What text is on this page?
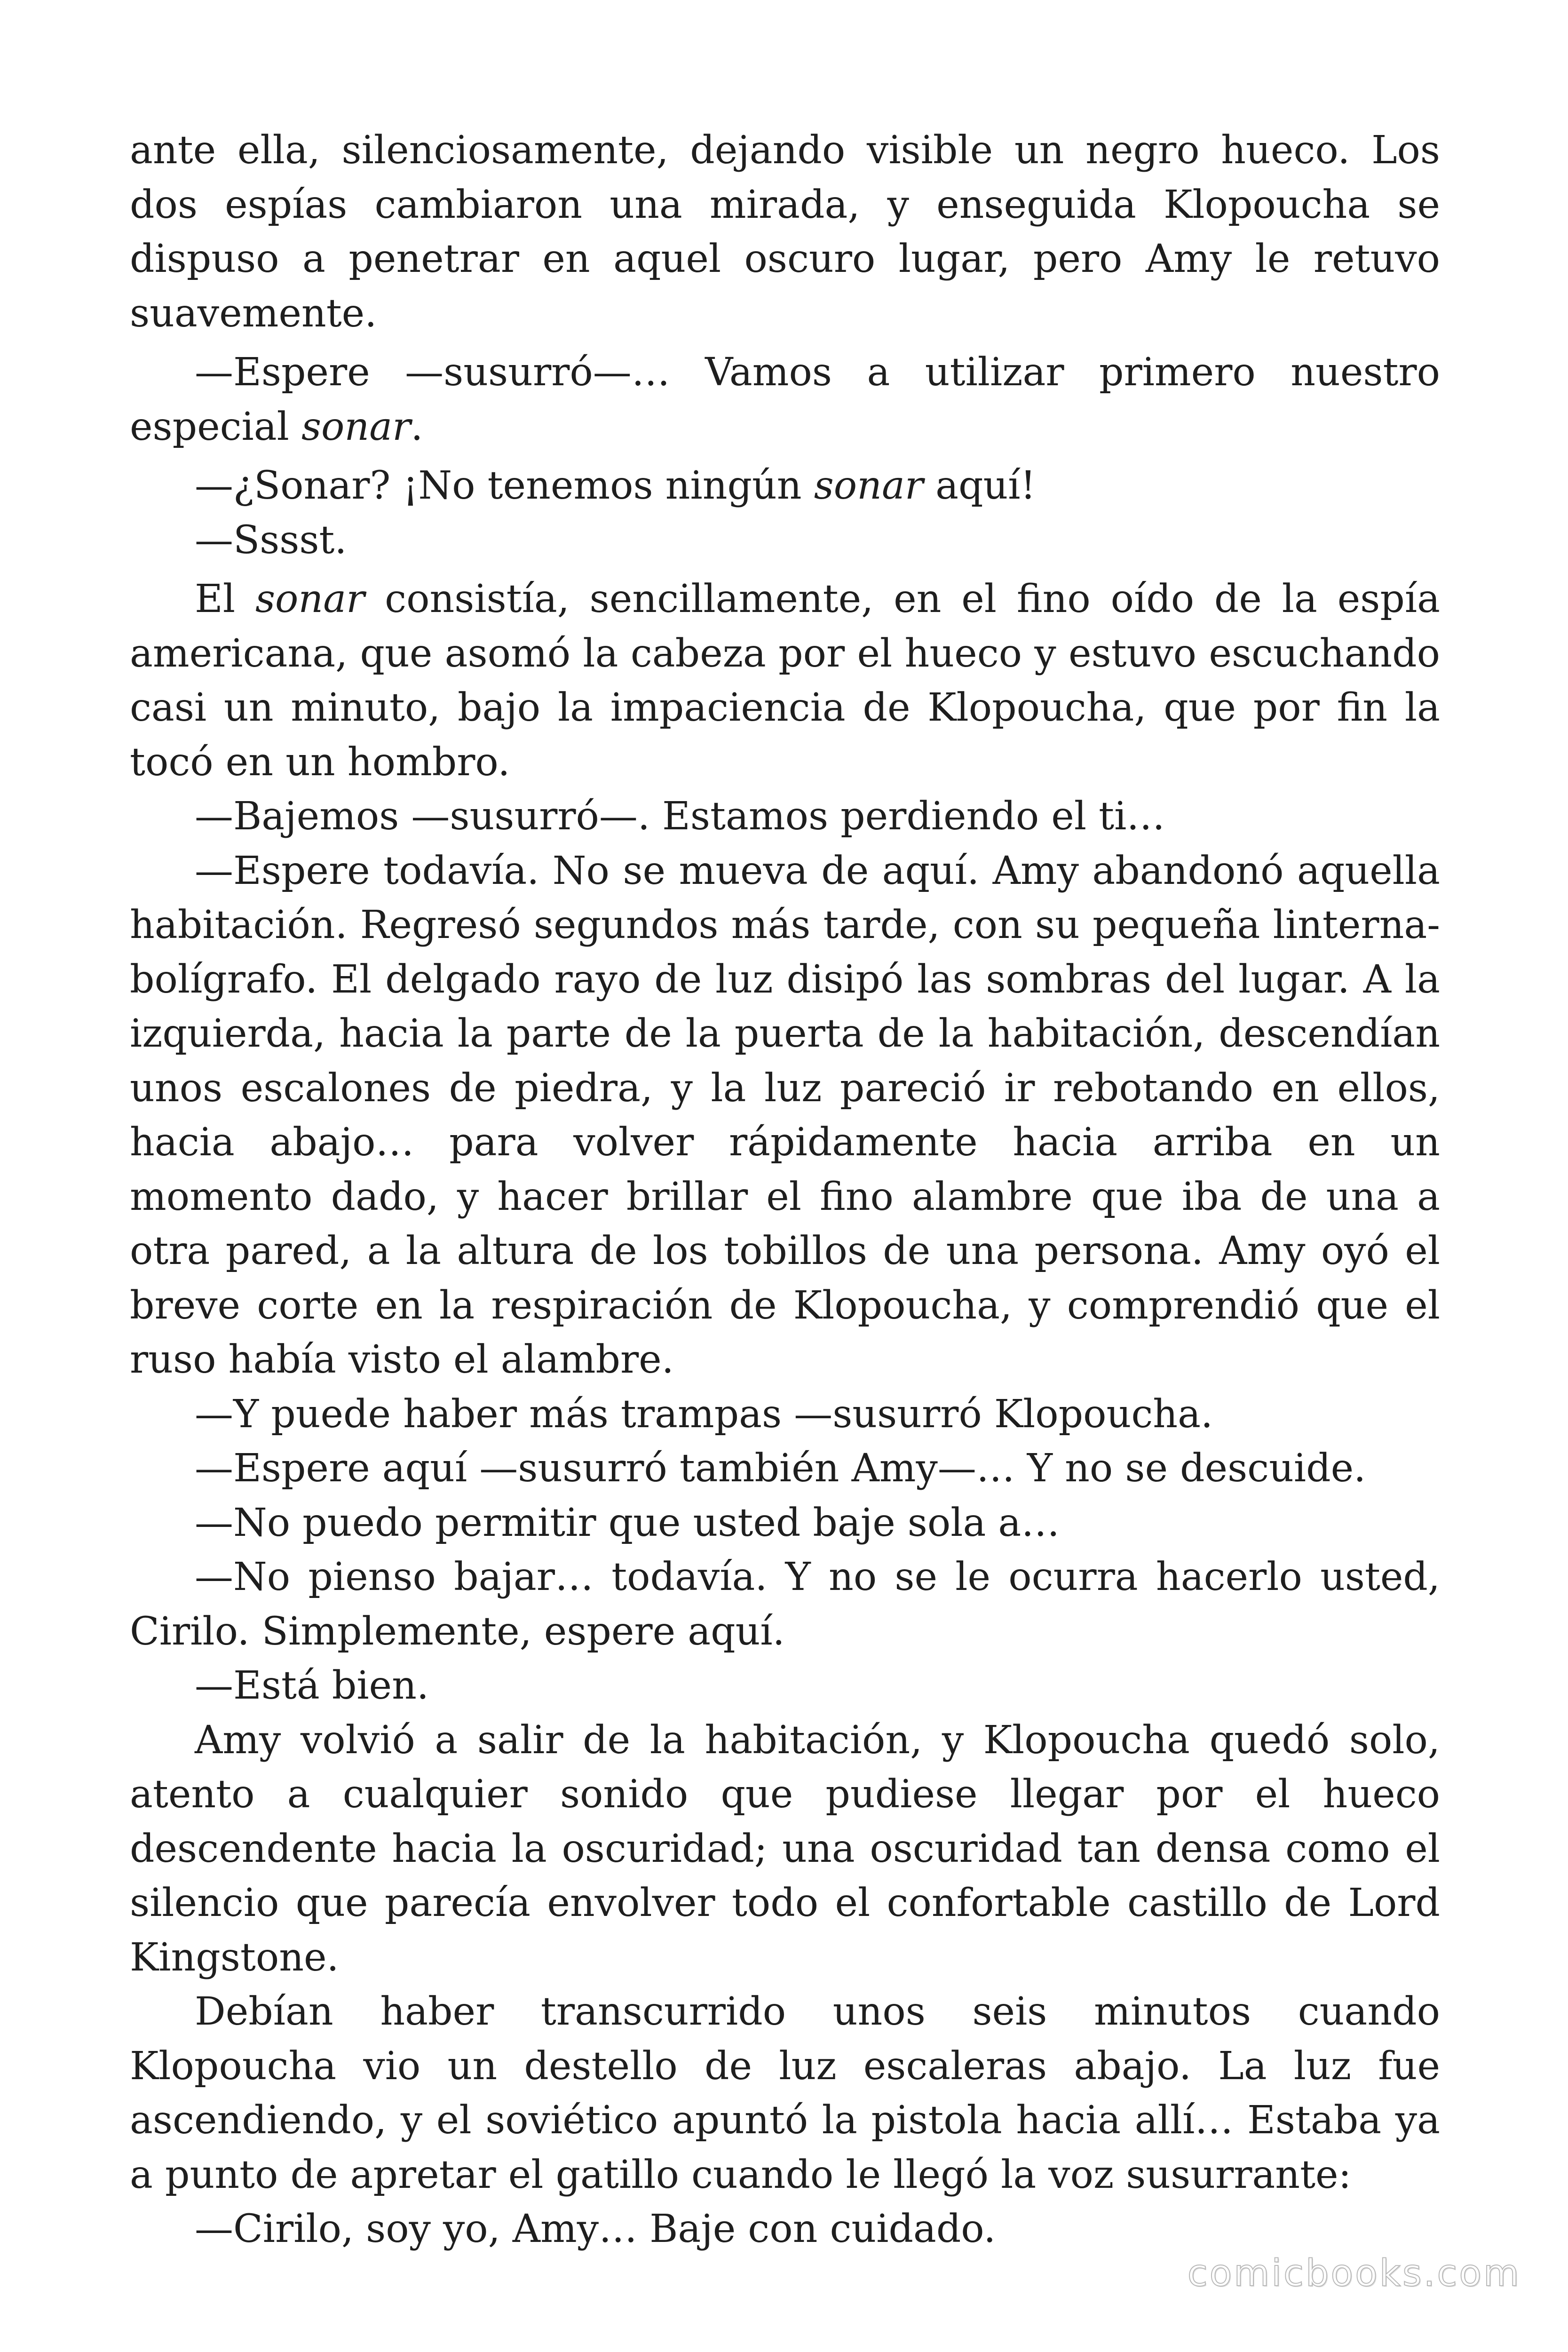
ante ella, silenciosamente, dejando visible un negro hueco. Los dos espías cambiaron una mirada, y enseguida Klopoucha se dispuso a penetrar en aquel oscuro lugar, pero Amy le retuvo suavemente.

—Espere —susurró—… Vamos a utilizar primero nuestro especial sonar.

—¿Sonar? ¡No tenemos ningún sonar aquí!

—Sssst.

El sonar consistía, sencillamente, en el fino oído de la espía americana, que asomó la cabeza por el hueco y estuvo escuchando casi un minuto, bajo la impaciencia de Klopoucha, que por fin la tocó en un hombro.

—Bajemos —susurró—. Estamos perdiendo el ti…

—Espere todavía. No se mueva de aquí. Amy abandonó aquella habitación. Regresó segundos más tarde, con su pequeña linterna-bolígrafo. El delgado rayo de luz disipó las sombras del lugar. A la izquierda, hacia la parte de la puerta de la habitación, descendían unos escalones de piedra, y la luz pareció ir rebotando en ellos, hacia abajo… para volver rápidamente hacia arriba en un momento dado, y hacer brillar el fino alambre que iba de una a otra pared, a la altura de los tobillos de una persona. Amy oyó el breve corte en la respiración de Klopoucha, y comprendió que el ruso había visto el alambre.

—Y puede haber más trampas —susurró Klopoucha.

—Espere aquí —susurró también Amy—… Y no se descuide.

—No puedo permitir que usted baje sola a…

—No pienso bajar… todavía. Y no se le ocurra hacerlo usted, Cirilo. Simplemente, espere aquí.

—Está bien.

Amy volvió a salir de la habitación, y Klopoucha quedó solo, atento a cualquier sonido que pudiese llegar por el hueco descendente hacia la oscuridad; una oscuridad tan densa como el silencio que parecía envolver todo el confortable castillo de Lord Kingstone.

Debían haber transcurrido unos seis minutos cuando Klopoucha vio un destello de luz escaleras abajo. La luz fue ascendiendo, y el soviético apuntó la pistola hacia allí… Estaba ya a punto de apretar el gatillo cuando le llegó la voz susurrante:

—Cirilo, soy yo, Amy… Baje con cuidado.

comicbooks.com
